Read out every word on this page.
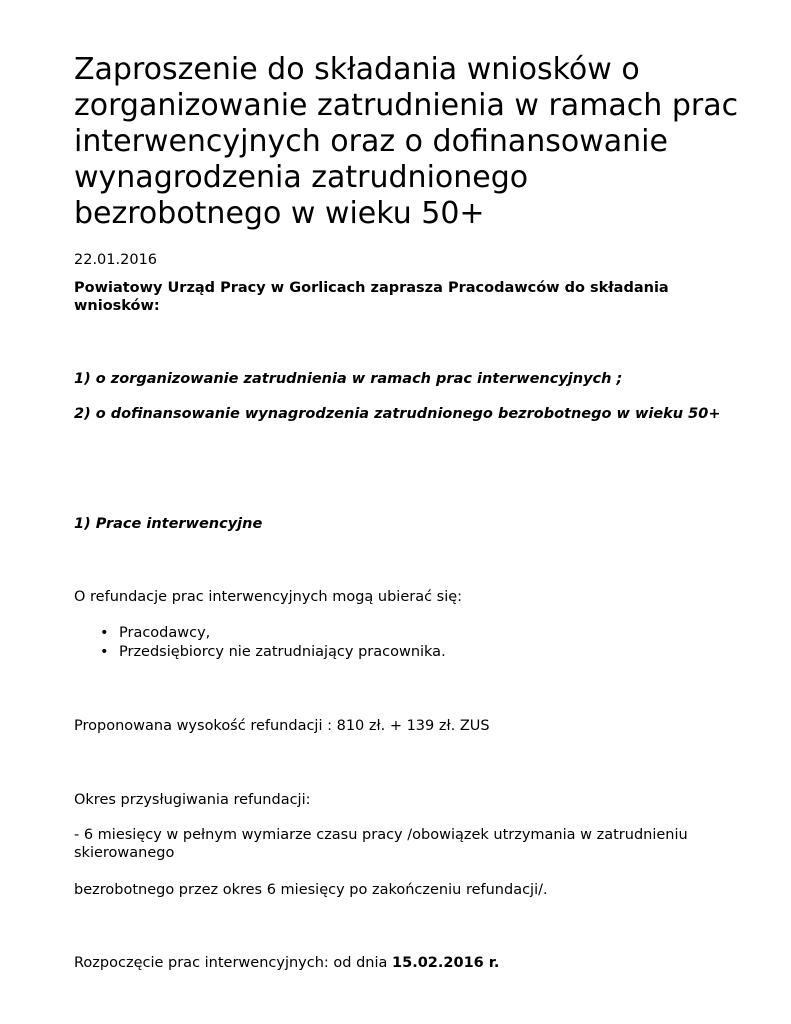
Zaproszenie do składania wniosków o zorganizowanie zatrudnienia w ramach prac interwencyjnych oraz o dofinansowanie wynagrodzenia zatrudnionego bezrobotnego w wieku 50+
22.01.2016
Powiatowy Urząd Pracy w Gorlicach zaprasza Pracodawców do składania wniosków:
1) o zorganizowanie zatrudnienia w ramach prac interwencyjnych ;
2) o dofinansowanie wynagrodzenia zatrudnionego bezrobotnego w wieku 50+
1) Prace interwencyjne
O refundacje prac interwencyjnych mogą ubierać się:
• Pracodawcy,
• Przedsiębiorcy nie zatrudniający pracownika.
Proponowana wysokość refundacji : 810 zł. + 139 zł. ZUS
Okres przysługiwania refundacji:
- 6 miesięcy w pełnym wymiarze czasu pracy /obowiązek utrzymania w zatrudnieniu skierowanego
bezrobotnego przez okres 6 miesięcy po zakończeniu refundacji/.
Rozpoczęcie prac interwencyjnych: od dnia 15.02.2016 r.
